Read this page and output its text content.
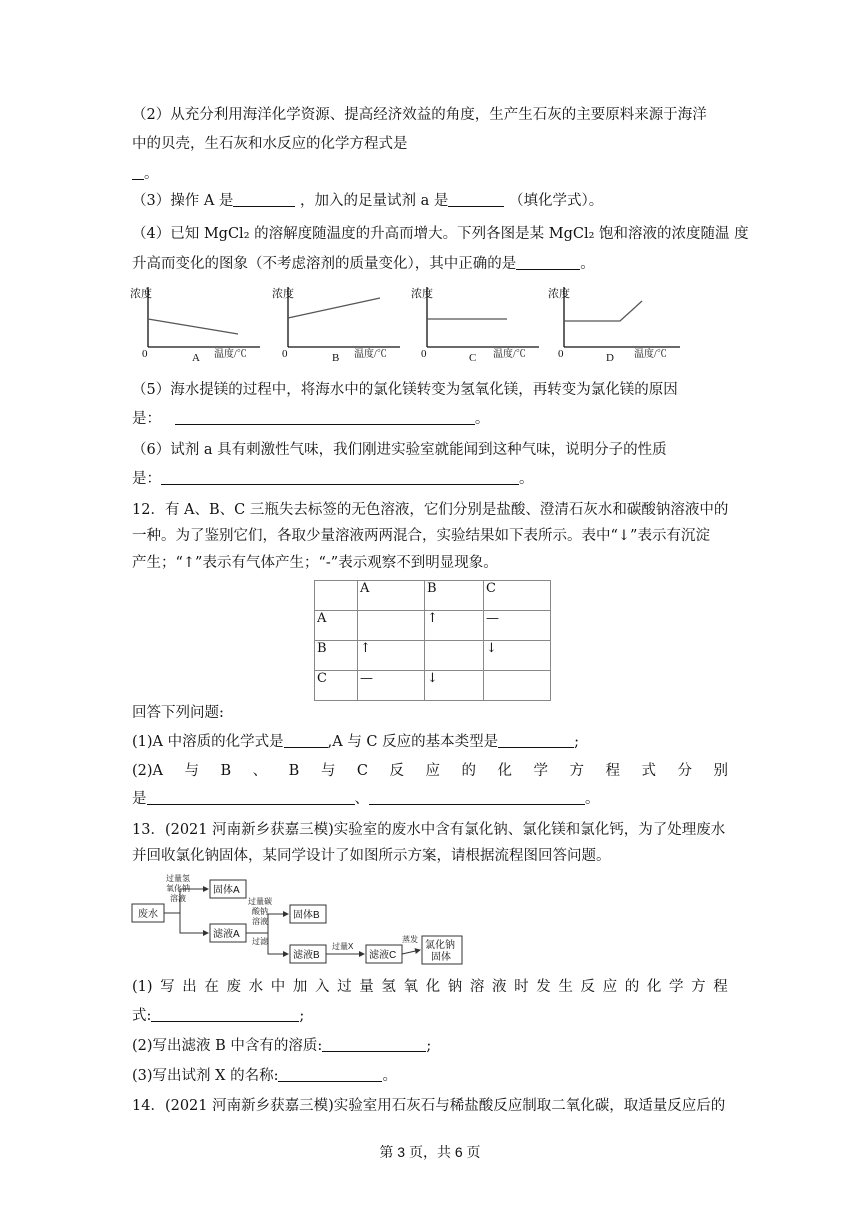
（2）从充分利用海洋化学资源、提高经济效益的角度，生产生石灰的主要原料来源于海洋
中的贝壳，生石灰和水反应的化学方程式是
。
（3）操作 A 是	，加入的足量试剂 a 是	（填化学式）。
（4）已知 MgCl₂ 的溶解度随温度的升高而增大。下列各图是某 MgCl₂ 饱和溶液的浓度随温 度
升高而变化的图象（不考虑溶剂的质量变化），其中正确的是	。
浓度
0	A 温度/℃
浓度
0	B 温度/℃
浓度
0	C 温度/℃
浓度
0	D 温度/℃
（5）海水提镁的过程中，将海水中的氯化镁转变为氢氧化镁，再转变为氯化镁的原因
是：	。
（6）试剂 a 具有刺激性气味，我们刚进实验室就能闻到这种气味，说明分子的性质
是：	。
12．有 A、B、C 三瓶失去标签的无色溶液，它们分别是盐酸、澄清石灰水和碳酸钠溶液中的
一种。为了鉴别它们，各取少量溶液两两混合，实验结果如下表所示。表中“↓”表示有沉淀
产生；“↑”表示有气体产生；“-”表示观察不到明显现象。
	A	B	C
A		↑	—
B	↑		↓
C	—	↓	
回答下列问题:
(1)A 中溶质的化学式是	,A 与 C 反应的基本类型是	;
(2)A 与 B 、 B 与 C 反 应 的 化 学 方 程 式 分 别
是	、	。
13．(2021 河南新乡获嘉三模)实验室的废水中含有氯化钠、氯化镁和氯化钙，为了处理废水
并回收氯化钠固体，某同学设计了如图所示方案，请根据流程图回答问题。
废水
过量氢
氧化钠
溶液
固体A
滤液A
过量碳
酸钠
溶液
过滤
固体B
滤液B
过量X
滤液C
蒸发
氯化钠
固体
(1) 写 出 在 废 水 中 加 入 过 量 氢 氧 化 钠 溶 液 时 发 生 反 应 的 化 学 方 程
式:	;
(2)写出滤液 B 中含有的溶质:	;
(3)写出试剂 X 的名称:	。
14．(2021 河南新乡获嘉三模)实验室用石灰石与稀盐酸反应制取二氧化碳，取适量反应后的
第 3 页，共 6 页
